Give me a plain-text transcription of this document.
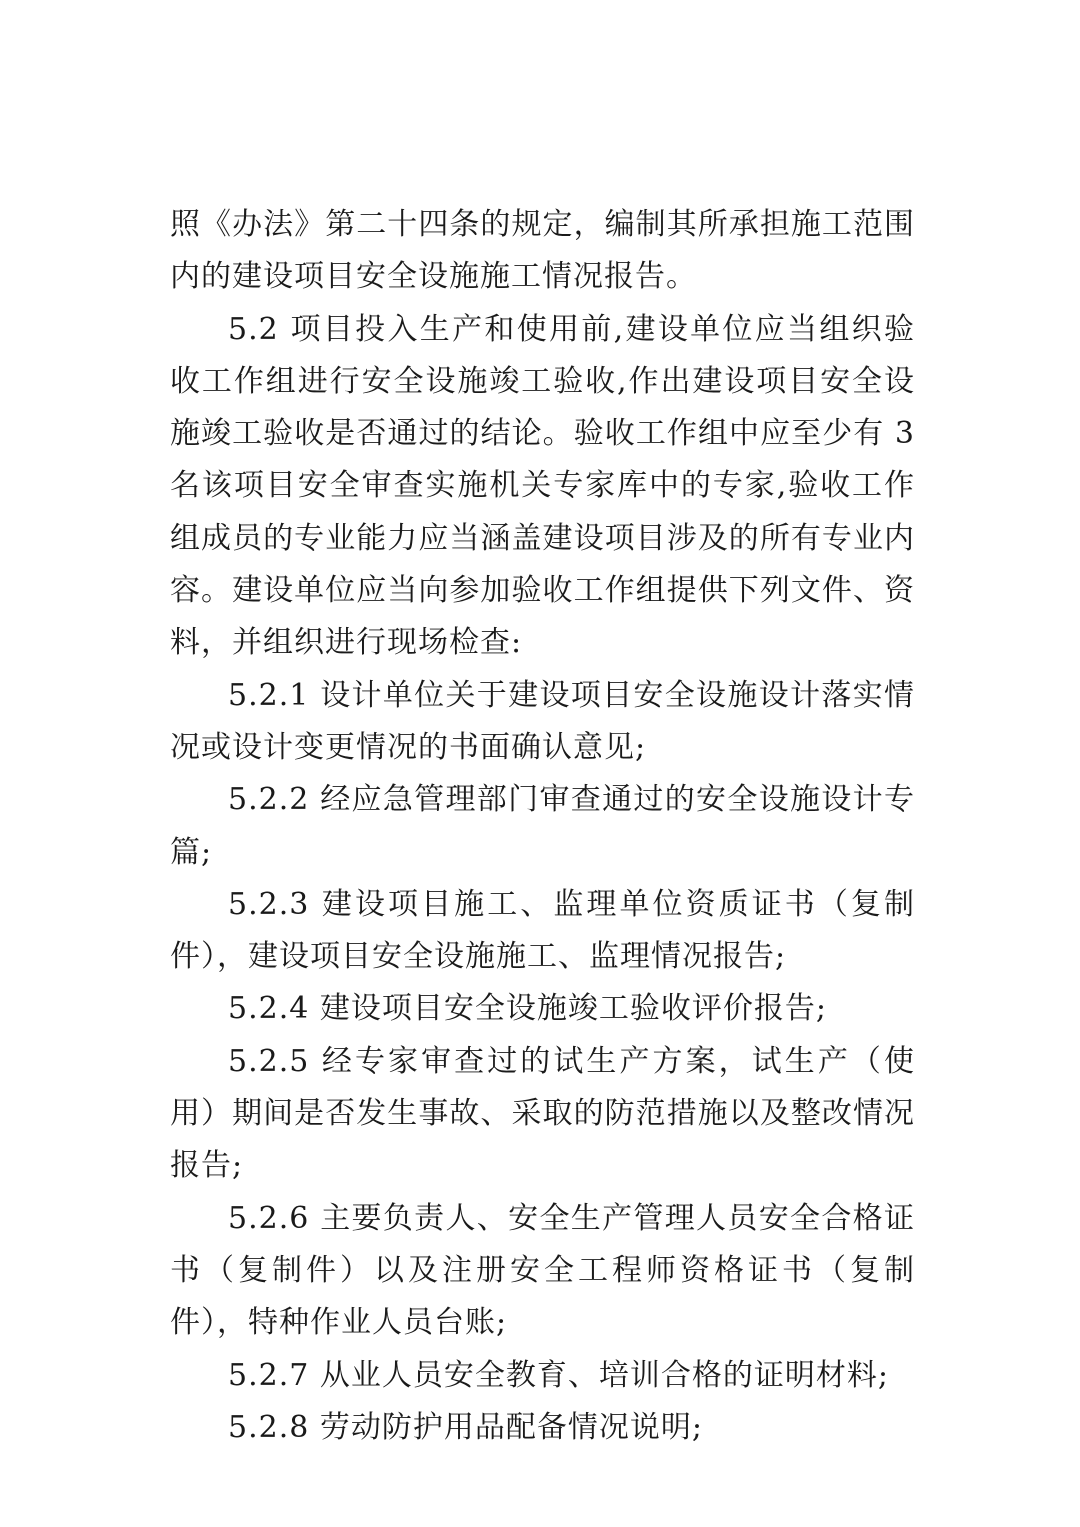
照《办法》第二十四条的规定，编制其所承担施工范围内的建设项目安全设施施工情况报告。

5.2 项目投入生产和使用前,建设单位应当组织验收工作组进行安全设施竣工验收,作出建设项目安全设施竣工验收是否通过的结论。验收工作组中应至少有 3 名该项目安全审查实施机关专家库中的专家,验收工作组成员的专业能力应当涵盖建设项目涉及的所有专业内容。建设单位应当向参加验收工作组提供下列文件、资料，并组织进行现场检查:

5.2.1 设计单位关于建设项目安全设施设计落实情况或设计变更情况的书面确认意见;

5.2.2 经应急管理部门审查通过的安全设施设计专篇;

5.2.3 建设项目施工、监理单位资质证书（复制件），建设项目安全设施施工、监理情况报告;

5.2.4 建设项目安全设施竣工验收评价报告;

5.2.5 经专家审查过的试生产方案，试生产（使用）期间是否发生事故、采取的防范措施以及整改情况报告;

5.2.6 主要负责人、安全生产管理人员安全合格证书（复制件）以及注册安全工程师资格证书（复制件），特种作业人员台账;

5.2.7 从业人员安全教育、培训合格的证明材料;

5.2.8 劳动防护用品配备情况说明;
